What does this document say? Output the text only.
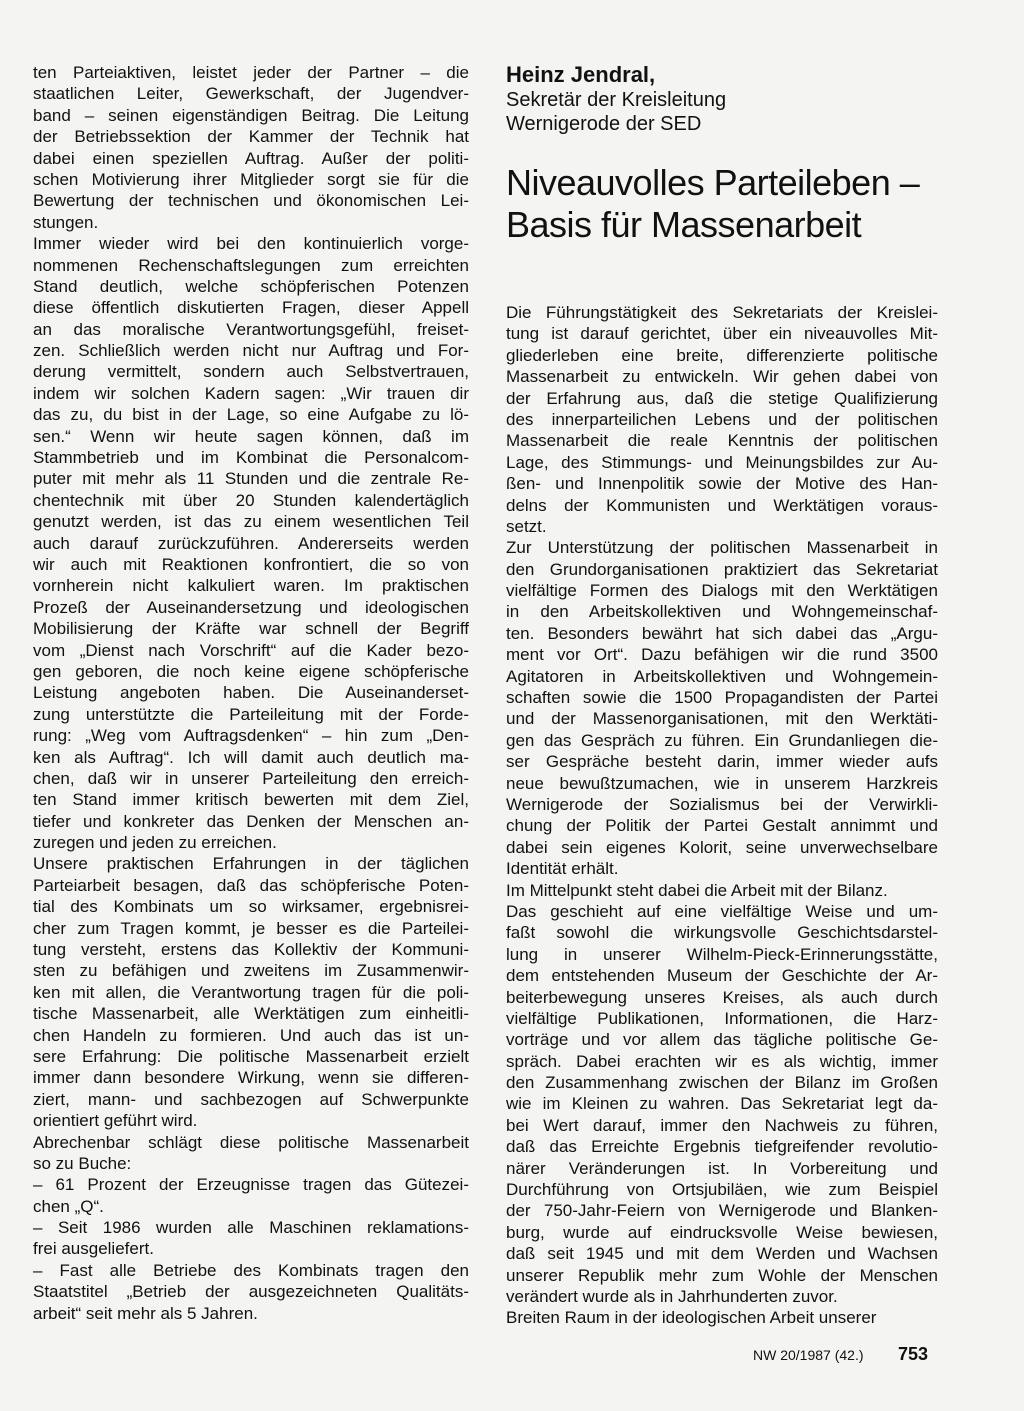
ten Parteiaktiven, leistet jeder der Partner – die
staatlichen Leiter, Gewerkschaft, der Jugendver-
band – seinen eigenständigen Beitrag. Die Leitung
der Betriebssektion der Kammer der Technik hat
dabei einen speziellen Auftrag. Außer der politi-
schen Motivierung ihrer Mitglieder sorgt sie für die
Bewertung der technischen und ökonomischen Lei-
stungen.
Immer wieder wird bei den kontinuierlich vorge-
nommenen Rechenschaftslegungen zum erreichten
Stand deutlich, welche schöpferischen Potenzen
diese öffentlich diskutierten Fragen, dieser Appell
an das moralische Verantwortungsgefühl, freiset-
zen. Schließlich werden nicht nur Auftrag und For-
derung vermittelt, sondern auch Selbstvertrauen,
indem wir solchen Kadern sagen: „Wir trauen dir
das zu, du bist in der Lage, so eine Aufgabe zu lö-
sen.“ Wenn wir heute sagen können, daß im
Stammbetrieb und im Kombinat die Personalcom-
puter mit mehr als 11 Stunden und die zentrale Re-
chentechnik mit über 20 Stunden kalendertäglich
genutzt werden, ist das zu einem wesentlichen Teil
auch darauf zurückzuführen. Andererseits werden
wir auch mit Reaktionen konfrontiert, die so von
vornherein nicht kalkuliert waren. Im praktischen
Prozeß der Auseinandersetzung und ideologischen
Mobilisierung der Kräfte war schnell der Begriff
vom „Dienst nach Vorschrift“ auf die Kader bezo-
gen geboren, die noch keine eigene schöpferische
Leistung angeboten haben. Die Auseinanderset-
zung unterstützte die Parteileitung mit der Forde-
rung: „Weg vom Auftragsdenken“ – hin zum „Den-
ken als Auftrag“. Ich will damit auch deutlich ma-
chen, daß wir in unserer Parteileitung den erreich-
ten Stand immer kritisch bewerten mit dem Ziel,
tiefer und konkreter das Denken der Menschen an-
zuregen und jeden zu erreichen.
Unsere praktischen Erfahrungen in der täglichen
Parteiarbeit besagen, daß das schöpferische Poten-
tial des Kombinats um so wirksamer, ergebnisrei-
cher zum Tragen kommt, je besser es die Parteilei-
tung versteht, erstens das Kollektiv der Kommuni-
sten zu befähigen und zweitens im Zusammenwir-
ken mit allen, die Verantwortung tragen für die poli-
tische Massenarbeit, alle Werktätigen zum einheitli-
chen Handeln zu formieren. Und auch das ist un-
sere Erfahrung: Die politische Massenarbeit erzielt
immer dann besondere Wirkung, wenn sie differen-
ziert, mann- und sachbezogen auf Schwerpunkte
orientiert geführt wird.
Abrechenbar schlägt diese politische Massenarbeit
so zu Buche:
– 61 Prozent der Erzeugnisse tragen das Gütezei-
chen „Q“.
– Seit 1986 wurden alle Maschinen reklamations-
frei ausgeliefert.
– Fast alle Betriebe des Kombinats tragen den
Staatstitel „Betrieb der ausgezeichneten Qualitäts-
arbeit“ seit mehr als 5 Jahren.
Heinz Jendral,
Sekretär der Kreisleitung
Wernigerode der SED
Niveauvolles Parteileben –
Basis für Massenarbeit
Die Führungstätigkeit des Sekretariats der Kreislei-
tung ist darauf gerichtet, über ein niveauvolles Mit-
gliederleben eine breite, differenzierte politische
Massenarbeit zu entwickeln. Wir gehen dabei von
der Erfahrung aus, daß die stetige Qualifizierung
des innerparteilichen Lebens und der politischen
Massenarbeit die reale Kenntnis der politischen
Lage, des Stimmungs- und Meinungsbildes zur Au-
ßen- und Innenpolitik sowie der Motive des Han-
delns der Kommunisten und Werktätigen voraus-
setzt.
Zur Unterstützung der politischen Massenarbeit in
den Grundorganisationen praktiziert das Sekretariat
vielfältige Formen des Dialogs mit den Werktätigen
in den Arbeitskollektiven und Wohngemeinschaf-
ten. Besonders bewährt hat sich dabei das „Argu-
ment vor Ort“. Dazu befähigen wir die rund 3500
Agitatoren in Arbeitskollektiven und Wohngemein-
schaften sowie die 1500 Propagandisten der Partei
und der Massenorganisationen, mit den Werktäti-
gen das Gespräch zu führen. Ein Grundanliegen die-
ser Gespräche besteht darin, immer wieder aufs
neue bewußtzumachen, wie in unserem Harzkreis
Wernigerode der Sozialismus bei der Verwirkli-
chung der Politik der Partei Gestalt annimmt und
dabei sein eigenes Kolorit, seine unverwechselbare
Identität erhält.
Im Mittelpunkt steht dabei die Arbeit mit der Bilanz.
Das geschieht auf eine vielfältige Weise und um-
faßt sowohl die wirkungsvolle Geschichtsdarstel-
lung in unserer Wilhelm-Pieck-Erinnerungsstätte,
dem entstehenden Museum der Geschichte der Ar-
beiterbewegung unseres Kreises, als auch durch
vielfältige Publikationen, Informationen, die Harz-
vorträge und vor allem das tägliche politische Ge-
spräch. Dabei erachten wir es als wichtig, immer
den Zusammenhang zwischen der Bilanz im Großen
wie im Kleinen zu wahren. Das Sekretariat legt da-
bei Wert darauf, immer den Nachweis zu führen,
daß das Erreichte Ergebnis tiefgreifender revolutio-
närer Veränderungen ist. In Vorbereitung und
Durchführung von Ortsjubiläen, wie zum Beispiel
der 750-Jahr-Feiern von Wernigerode und Blanken-
burg, wurde auf eindrucksvolle Weise bewiesen,
daß seit 1945 und mit dem Werden und Wachsen
unserer Republik mehr zum Wohle der Menschen
verändert wurde als in Jahrhunderten zuvor.
Breiten Raum in der ideologischen Arbeit unserer
NW 20/1987 (42.) 753
